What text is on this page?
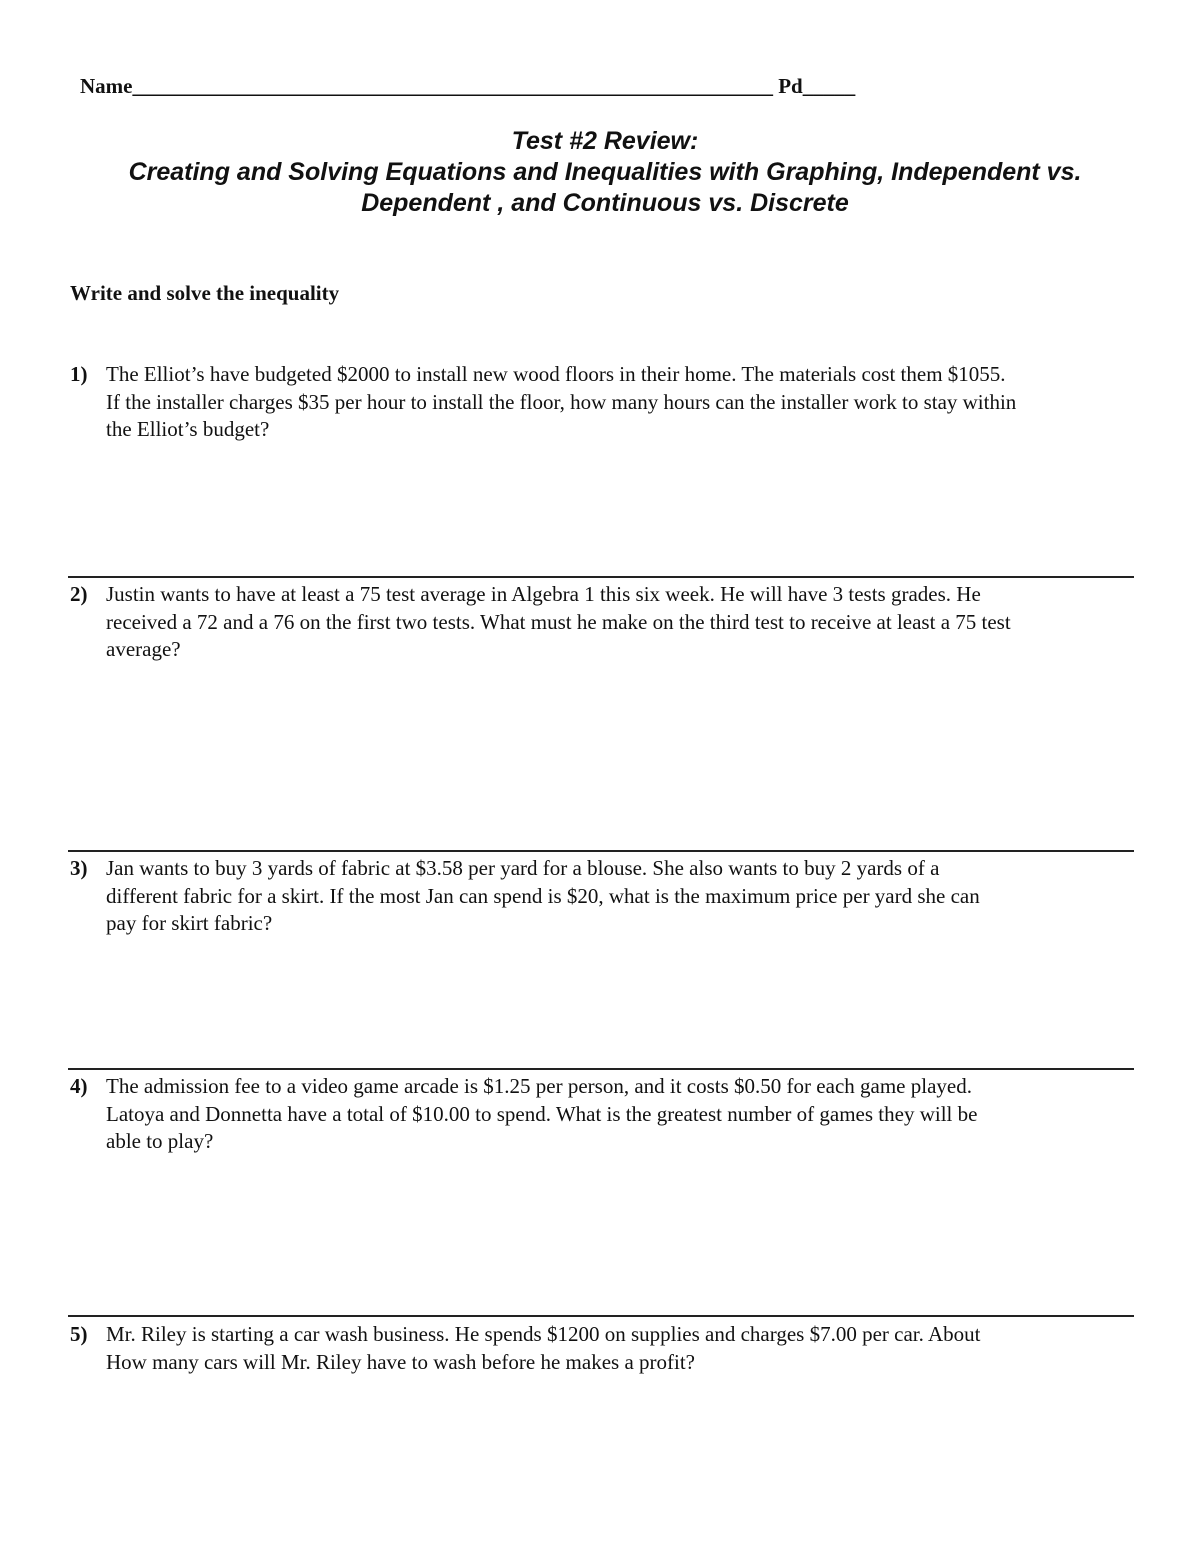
Name_____________________________________________________________ Pd_____
Test #2 Review:
Creating and Solving Equations and Inequalities with Graphing, Independent vs.
Dependent , and Continuous vs. Discrete
Write and solve the inequality
1) The Elliot’s have budgeted $2000 to install new wood floors in their home. The materials cost them $1055.
If the installer charges $35 per hour to install the floor, how many hours can the installer work to stay within
the Elliot’s budget?
2) Justin wants to have at least a 75 test average in Algebra 1 this six week. He will have 3 tests grades. He
received a 72 and a 76 on the first two tests. What must he make on the third test to receive at least a 75 test
average?
3) Jan wants to buy 3 yards of fabric at $3.58 per yard for a blouse. She also wants to buy 2 yards of a
different fabric for a skirt. If the most Jan can spend is $20, what is the maximum price per yard she can
pay for skirt fabric?
4) The admission fee to a video game arcade is $1.25 per person, and it costs $0.50 for each game played.
Latoya and Donnetta have a total of $10.00 to spend. What is the greatest number of games they will be
able to play?
5) Mr. Riley is starting a car wash business. He spends $1200 on supplies and charges $7.00 per car. About
How many cars will Mr. Riley have to wash before he makes a profit?
